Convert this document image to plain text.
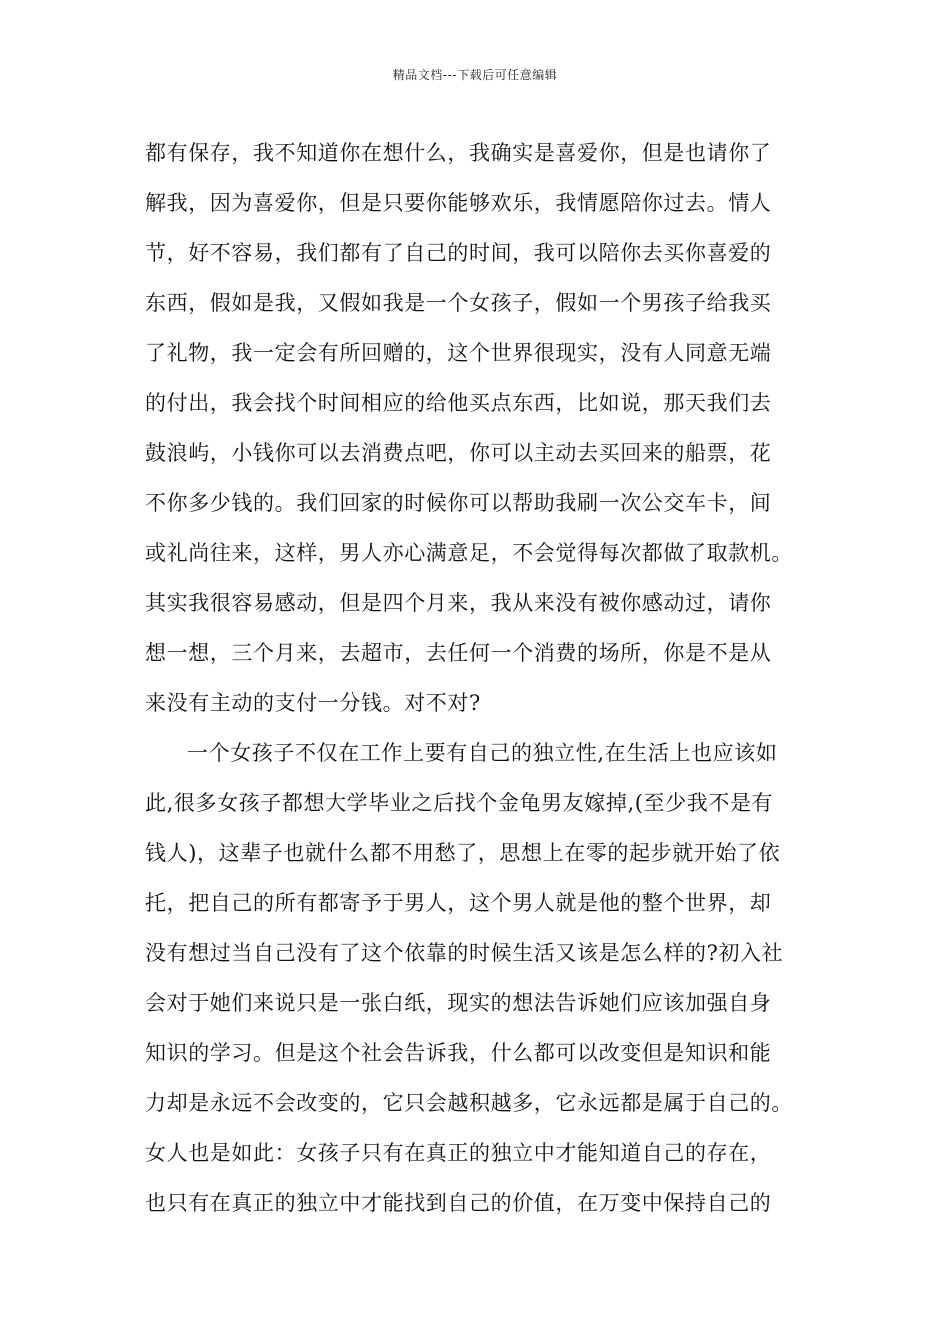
精品文档---下载后可任意编辑
都有保存，我不知道你在想什么，我确实是喜爱你，但是也请你了
解我，因为喜爱你，但是只要你能够欢乐，我情愿陪你过去。情人
节，好不容易，我们都有了自己的时间，我可以陪你去买你喜爱的
东西，假如是我，又假如我是一个女孩子，假如一个男孩子给我买
了礼物，我一定会有所回赠的，这个世界很现实，没有人同意无端
的付出，我会找个时间相应的给他买点东西，比如说，那天我们去
鼓浪屿，小钱你可以去消费点吧，你可以主动去买回来的船票，花
不你多少钱的。我们回家的时候你可以帮助我刷一次公交车卡，间
或礼尚往来，这样，男人亦心满意足，不会觉得每次都做了取款机。
其实我很容易感动，但是四个月来，我从来没有被你感动过，请你
想一想，三个月来，去超市，去任何一个消费的场所，你是不是从
来没有主动的支付一分钱。对不对?
一个女孩子不仅在工作上要有自己的独立性,在生活上也应该如
此,很多女孩子都想大学毕业之后找个金龟男友嫁掉,(至少我不是有
钱人)，这辈子也就什么都不用愁了，思想上在零的起步就开始了依
托，把自己的所有都寄予于男人，这个男人就是他的整个世界，却
没有想过当自己没有了这个依靠的时候生活又该是怎么样的?初入社
会对于她们来说只是一张白纸，现实的想法告诉她们应该加强自身
知识的学习。但是这个社会告诉我，什么都可以改变但是知识和能
力却是永远不会改变的，它只会越积越多，它永远都是属于自己的。
女人也是如此：女孩子只有在真正的独立中才能知道自己的存在，
也只有在真正的独立中才能找到自己的价值，在万变中保持自己的
